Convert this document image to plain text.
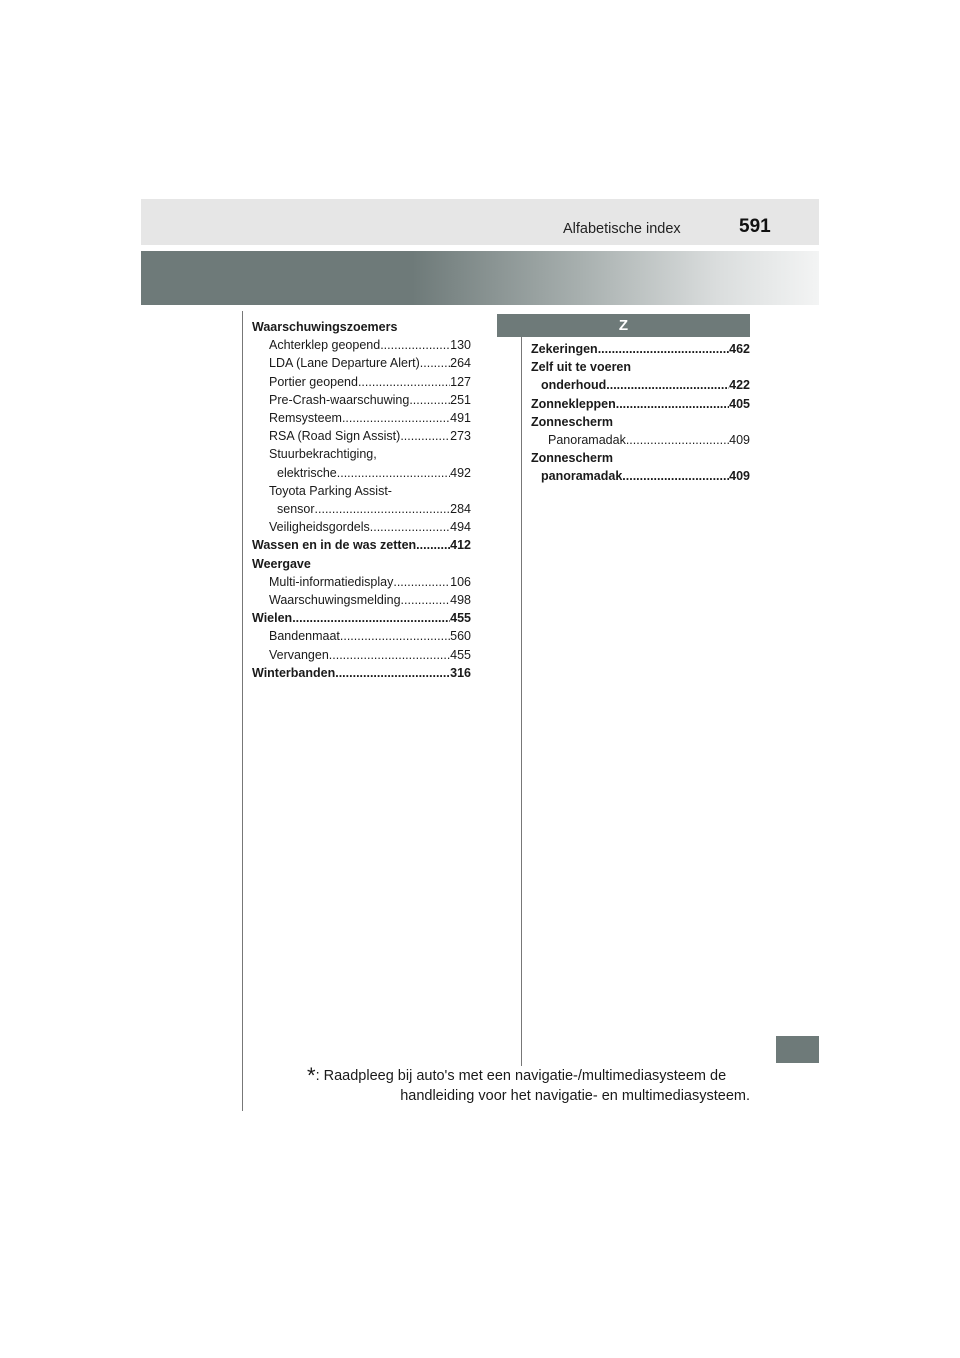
Alfabetische index	591
Z
Waarschuwingszoemers
Achterklep geopend .....	130
LDA (Lane Departure Alert) ..... 264
Portier geopend .....	127
Pre-Crash-waarschuwing .....	251
Remsysteem .....	491
RSA (Road Sign Assist) .....	273
Stuurbekrachtiging,
elektrische .....	492
Toyota Parking Assist-
sensor .....	284
Veiligheidsgordels .....	494
Wassen en in de was zetten .....	412
Weergave
Multi-informatiedisplay .....	106
Waarschuwingsmelding .....	498
Wielen .....	455
Bandenmaat .....	560
Vervangen .....	455
Winterbanden .....	316
Zekeringen .....	462
Zelf uit te voeren
onderhoud .....	422
Zonnekleppen .....	405
Zonnescherm
Panoramadak .....	409
Zonnescherm
panoramadak .....	409
*: Raadpleeg bij auto's met een navigatie-/multimediasysteem de
handleiding voor het navigatie- en multimediasysteem.
